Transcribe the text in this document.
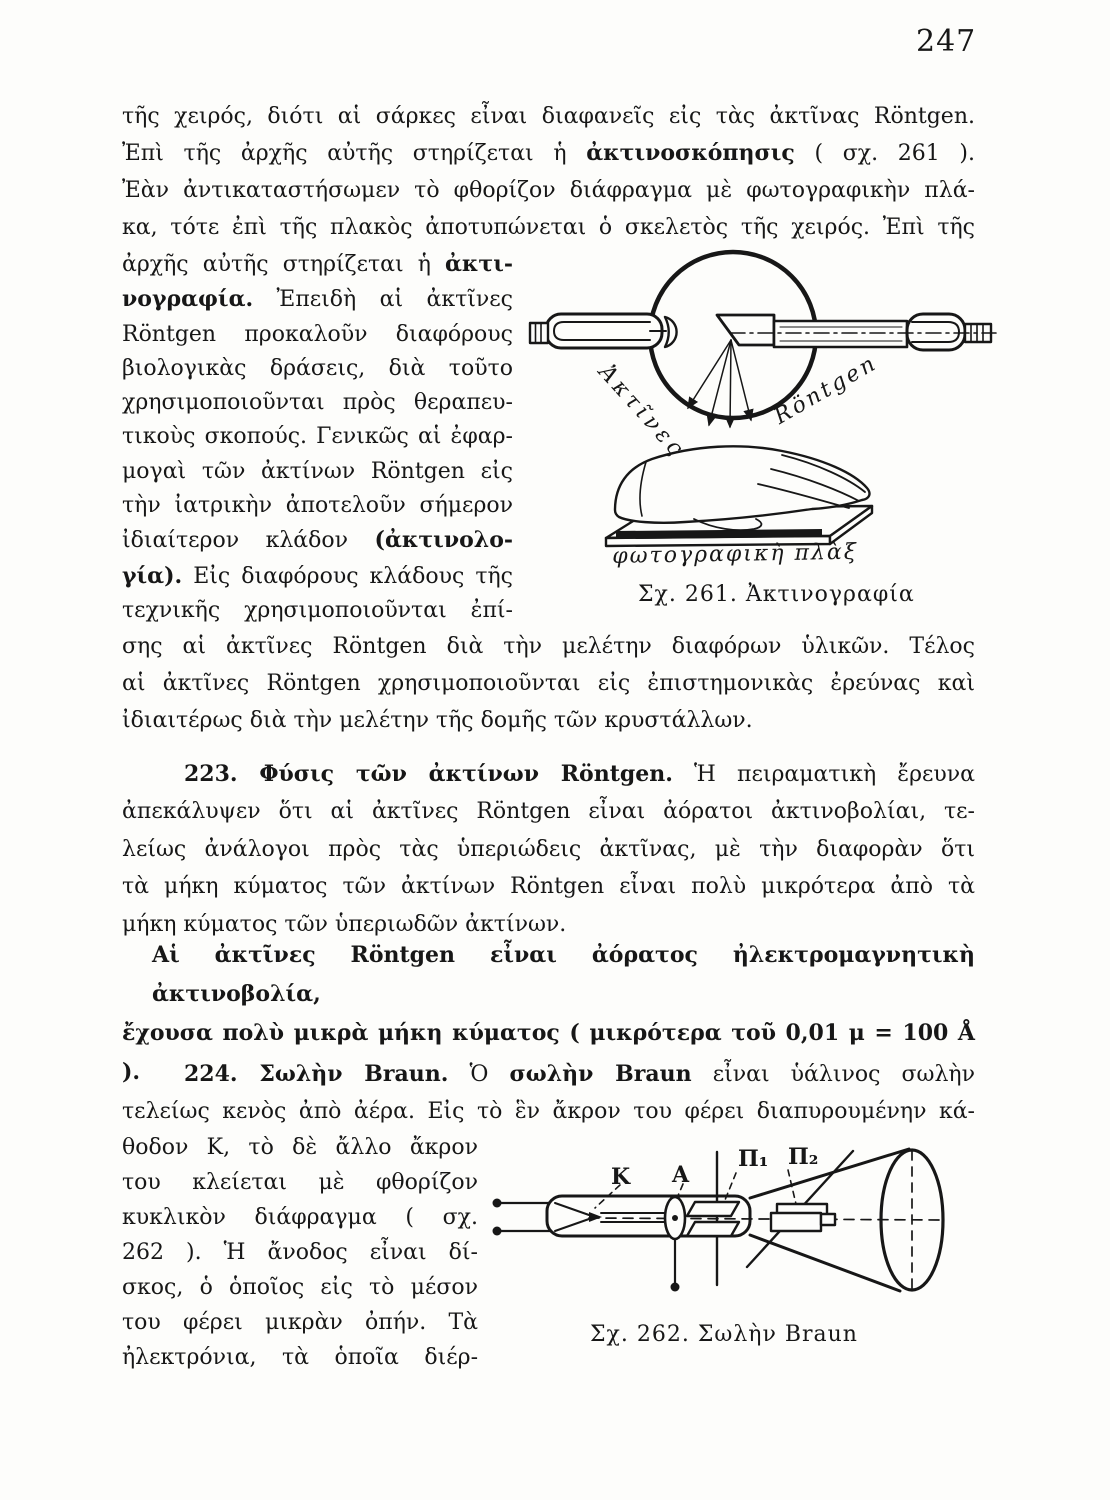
247
τῆς χειρός, διότι αἱ σάρκες εἶναι διαφανεῖς εἰς τὰς ἀκτῖνας Röntgen.
Ἐπὶ τῆς ἀρχῆς αὐτῆς στηρίζεται ἡ ἀκτινοσκόπησις ( σχ. 261 ).
Ἐὰν ἀντικαταστήσωμεν τὸ φθορίζον διάφραγμα μὲ φωτογραφικὴν πλά-
κα, τότε ἐπὶ τῆς πλακὸς ἀποτυπώνεται ὁ σκελετὸς τῆς χειρός. Ἐπὶ τῆς
ἀρχῆς αὐτῆς στηρίζεται ἡ ἀκτι-
νογραφία. Ἐπειδὴ αἱ ἀκτῖνες
Röntgen προκαλοῦν διαφόρους
βιολογικὰς δράσεις, διὰ τοῦτο
χρησιμοποιοῦνται πρὸς θεραπευ-
τικοὺς σκοπούς. Γενικῶς αἱ ἐφαρ-
μογαὶ τῶν ἀκτίνων Röntgen εἰς
τὴν ἰατρικὴν ἀποτελοῦν σήμερον
ἰδιαίτερον κλάδον (ἀκτινολο-
γία). Εἰς διαφόρους κλάδους τῆς
τεχνικῆς χρησιμοποιοῦνται ἐπί-
Ἀκτῖνες	Röntgen
φωτογραφικὴ πλὰξ
Σχ. 261. Ἀκτινογραφία
σης αἱ ἀκτῖνες Röntgen διὰ τὴν μελέτην διαφόρων ὑλικῶν. Τέλος
αἱ ἀκτῖνες Röntgen χρησιμοποιοῦνται εἰς ἐπιστημονικὰς ἐρεύνας καὶ
ἰδιαιτέρως διὰ τὴν μελέτην τῆς δομῆς τῶν κρυστάλλων.
223. Φύσις τῶν ἀκτίνων Röntgen. Ἡ πειραματικὴ ἔρευνα
ἀπεκάλυψεν ὅτι αἱ ἀκτῖνες Röntgen εἶναι ἀόρατοι ἀκτινοβολίαι, τε-
λείως ἀνάλογοι πρὸς τὰς ὑπεριώδεις ἀκτῖνας, μὲ τὴν διαφορὰν ὅτι
τὰ μήκη κύματος τῶν ἀκτίνων Röntgen εἶναι πολὺ μικρότερα ἀπὸ τὰ
μήκη κύματος τῶν ὑπεριωδῶν ἀκτίνων.
Αἱ ἀκτῖνες Röntgen εἶναι ἀόρατος ἠλεκτρομαγνητικὴ ἀκτινοβολία,
ἔχουσα πολὺ μικρὰ μήκη κύματος ( μικρότερα τοῦ 0,01 μ = 100 Å ).	224. Σωλὴν Braun. Ὁ σωλὴν Braun εἶναι ὑάλινος σωλὴν
τελείως κενὸς ἀπὸ ἀέρα. Εἰς τὸ ἓν ἄκρον του φέρει διαπυρουμένην κά-
θοδον Κ, τὸ δὲ ἄλλο ἄκρον
του κλείεται μὲ φθορίζον
κυκλικὸν διάφραγμα ( σχ.
262 ). Ἡ ἄνοδος εἶναι δί-
σκος, ὁ ὁποῖος εἰς τὸ μέσον
του φέρει μικρὰν ὀπήν. Τὰ
ἠλεκτρόνια, τὰ ὁποῖα διέρ-
K A
Π₁ Π₂
Σχ. 262. Σωλὴν Braun
